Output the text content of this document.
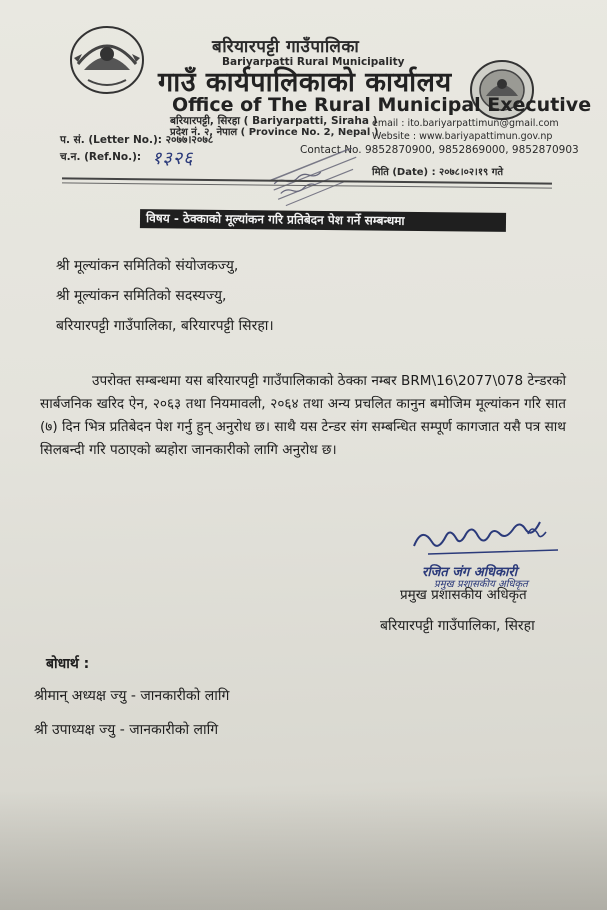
बरियारपट्टी गाउँपालिका
Bariyarpatti Rural Municipality
गाउँ कार्यपालिकाको कार्यालय
Office of The Rural Municipal Executive
बरियारपट्टी, सिरहा ( Bariyarpatti, Siraha )
प्रदेश नं. २, नेपाल ( Province No. 2, Nepal )
email : ito.bariyarpattimun@gmail.com
Website : www.bariyapattimun.gov.np
Contact No. 9852870900, 9852869000, 9852870903
प. सं. (Letter No.): २०७७।२०७८
च.न. (Ref.No.): १३२६
मिति (Date) : २०७८।०२।१९ गते
विषय - ठेक्काको मूल्यांकन गरि प्रतिबेदन पेश गर्ने सम्बन्धमा
श्री मूल्यांकन समितिको संयोजकज्यु,
श्री मूल्यांकन समितिको सदस्यज्यु,
बरियारपट्टी गाउँपालिका, बरियारपट्टी सिरहा।
उपरोक्त सम्बन्धमा यस बरियारपट्टी गाउँपालिकाको ठेक्का नम्बर BRM\16\2077\078 टेन्डरको सार्बजनिक खरिद ऐन, २०६३ तथा नियमावली, २०६४ तथा अन्य प्रचलित कानुन बमोजिम मूल्यांकन गरि सात (७) दिन भित्र प्रतिबेदन पेश गर्नु हुन् अनुरोध छ। साथै यस टेन्डर संग सम्बन्धित सम्पूर्ण कागजात यसै पत्र साथ सिलबन्दी गरि पठाएको ब्यहोरा जानकारीको लागि अनुरोध छ।
रजित जंग अधिकारी
प्रमुख प्रशासकीय अधिकृत
प्रमुख प्रशासकीय अधिकृत
बरियारपट्टी गाउँपालिका, सिरहा
बोधार्थ :
श्रीमान् अध्यक्ष ज्यु - जानकारीको लागि
श्री उपाध्यक्ष ज्यु - जानकारीको लागि
